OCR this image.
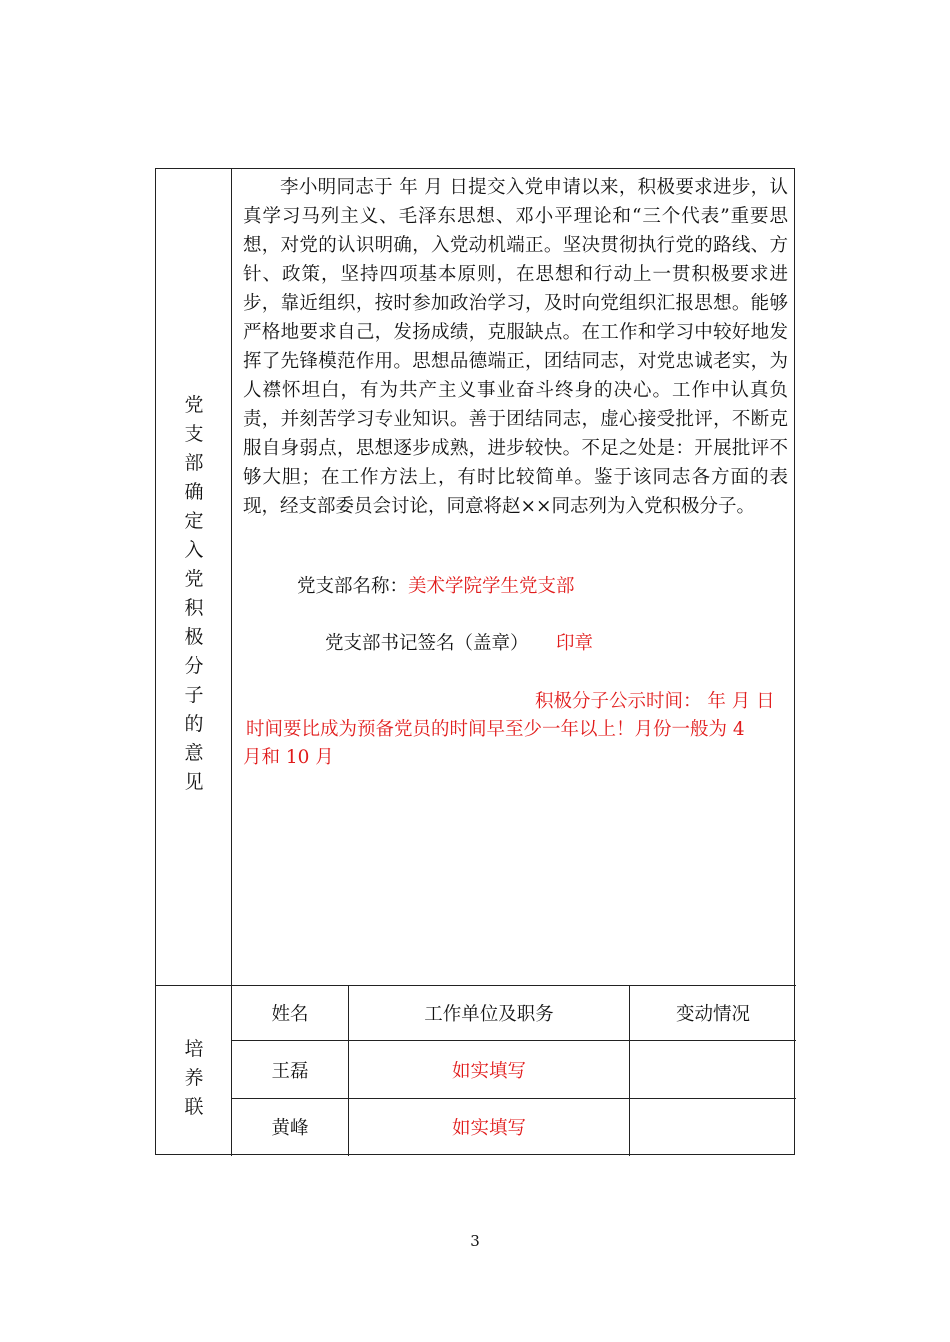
党
支
部
确
定
入
党
积
极
分
子
的
意
见

李小明同志于 年 月 日提交入党申请以来，积极要求进步，认真学习马列主义、毛泽东思想、邓小平理论和“三个代表”重要思想，对党的认识明确，入党动机端正。坚决贯彻执行党的路线、方针、政策，坚持四项基本原则，在思想和行动上一贯积极要求进步，靠近组织，按时参加政治学习，及时向党组织汇报思想。能够严格地要求自己，发扬成绩，克服缺点。在工作和学习中较好地发挥了先锋模范作用。思想品德端正，团结同志，对党忠诚老实，为人襟怀坦白，有为共产主义事业奋斗终身的决心。工作中认真负责，并刻苦学习专业知识。善于团结同志，虚心接受批评，不断克服自身弱点，思想逐步成熟，进步较快。不足之处是：开展批评不够大胆；在工作方法上，有时比较简单。鉴于该同志各方面的表现，经支部委员会讨论，同意将赵××同志列为入党积极分子。

党支部名称：美术学院学生党支部
党支部书记签名（盖章） 印章
积极分子公示时间： 年 月 日
时间要比成为预备党员的时间早至少一年以上！月份一般为 4
月和 10 月
培
养
联
姓名	工作单位及职务	变动情况
王磊	如实填写
黄峰	如实填写
3
